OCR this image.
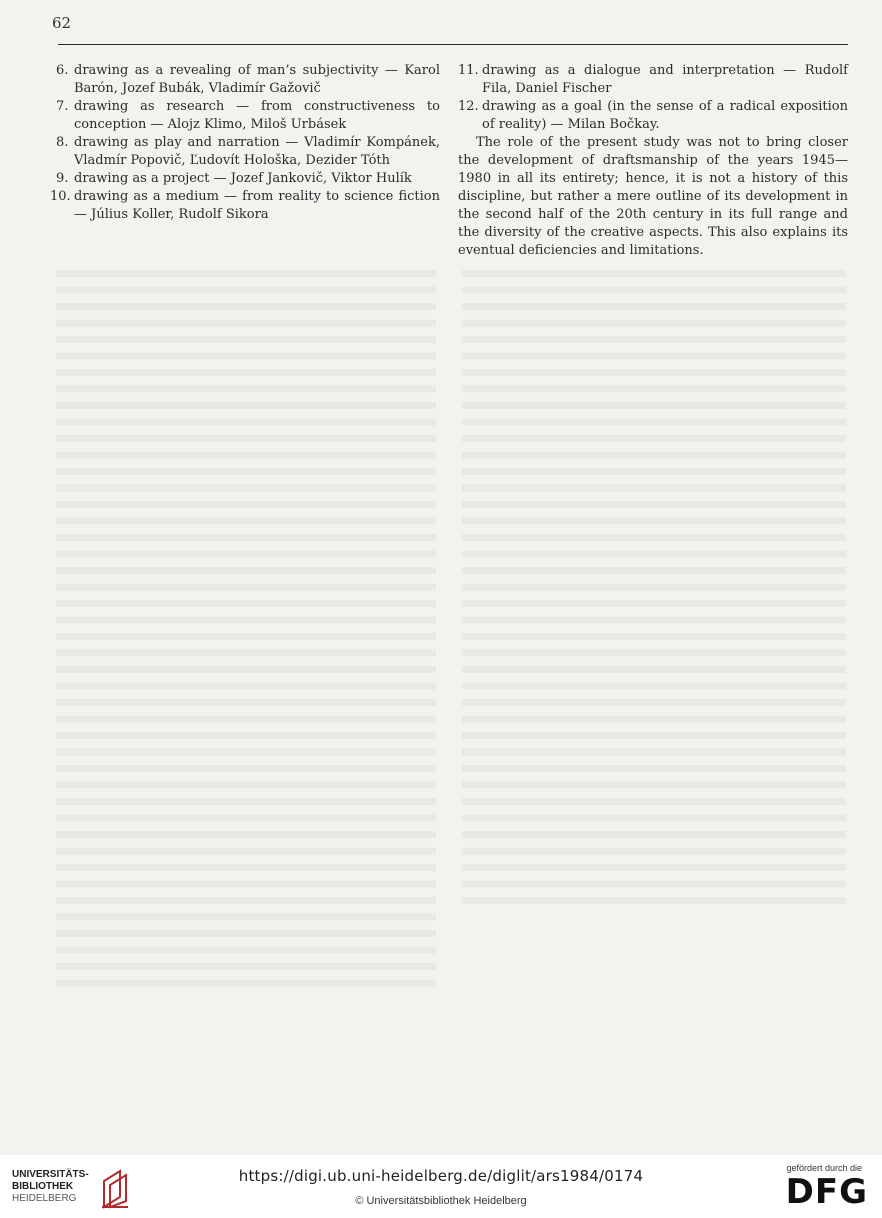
62
6. drawing as a revealing of man’s subjectivity — Karol Barón, Jozef Bubák, Vladimír Gažovič
7. drawing as research — from constructiveness to conception — Alojz Klimo, Miloš Urbásek
8. drawing as play and narration — Vladimír Kompánek, Vladmír Popovič, Ľudovít Hološka, Dezider Tóth
9. drawing as a project — Jozef Jankovič, Viktor Hulík
10. drawing as a medium — from reality to science fiction — Július Koller, Rudolf Sikora
11. drawing as a dialogue and interpretation — Rudolf Fila, Daniel Fischer
12. drawing as a goal (in the sense of a radical exposition of reality) — Milan Bočkay.

The role of the present study was not to bring closer the development of draftsmanship of the years 1945—1980 in all its entirety; hence, it is not a history of this discipline, but rather a mere outline of its development in the second half of the 20th century in its full range and the diversity of the creative aspects. This also explains its eventual deficiencies and limitations.

UNIVERSITÄTS-
BIBLIOTHEK
HEIDELBERG
https://digi.ub.uni-heidelberg.de/diglit/ars1984/0174
© Universitätsbibliothek Heidelberg
gefördert durch die
DFG
